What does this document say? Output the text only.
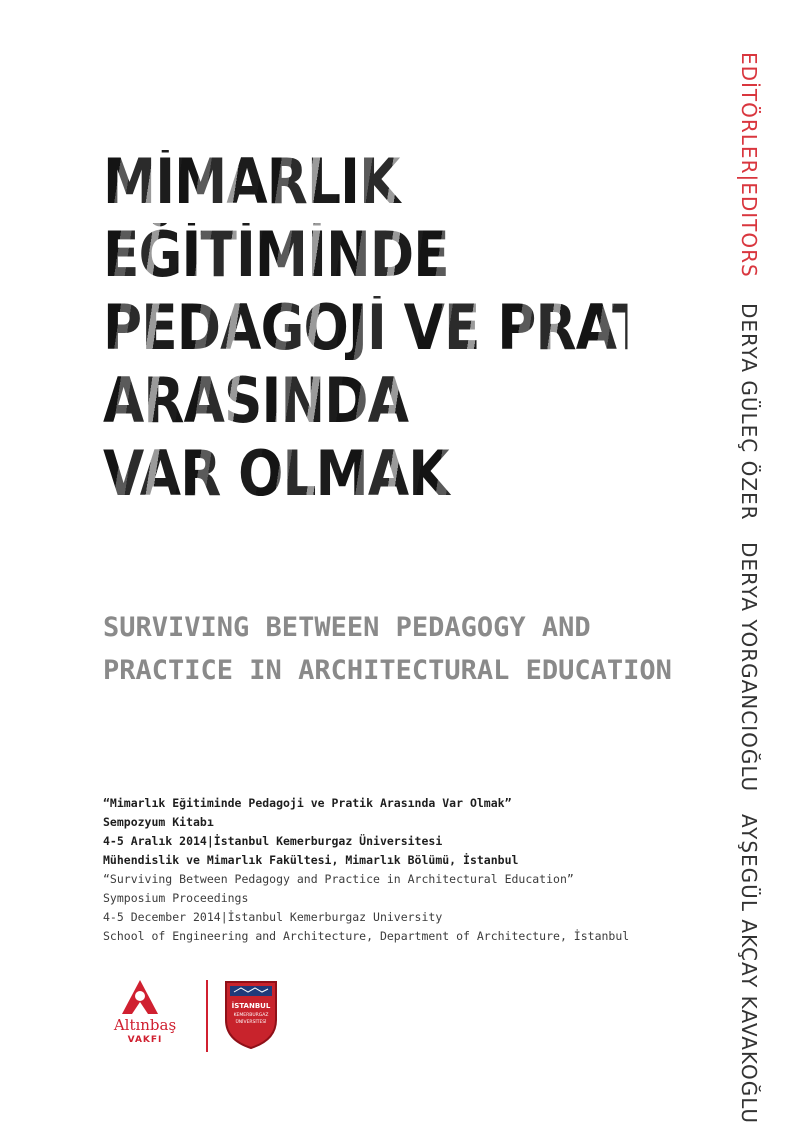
MİMARLIK
EĞİTİMİNDE
PEDAGOJİ VE PRATİK
ARASINDA
VAR OLMAK
SURVIVING BETWEEN PEDAGOGY AND
PRACTICE IN ARCHITECTURAL EDUCATION
EDİTÖRLER|EDITORS DERYA GÜLEÇ ÖZER DERYA YORGANCIOĞLU AYŞEGÜL AKÇAY KAVAKOĞLU
“Mimarlık Eğitiminde Pedagoji ve Pratik Arasında Var Olmak”
Sempozyum Kitabı
4-5 Aralık 2014|İstanbul Kemerburgaz Üniversitesi
Mühendislik ve Mimarlık Fakültesi, Mimarlık Bölümü, İstanbul
“Surviving Between Pedagogy and Practice in Architectural Education”
Symposium Proceedings
4-5 December 2014|İstanbul Kemerburgaz University
School of Engineering and Architecture, Department of Architecture, İstanbul
Altınbaş
VAKFI
İSTANBUL
KEMERBURGAZ
ÜNİVERSİTESİ
